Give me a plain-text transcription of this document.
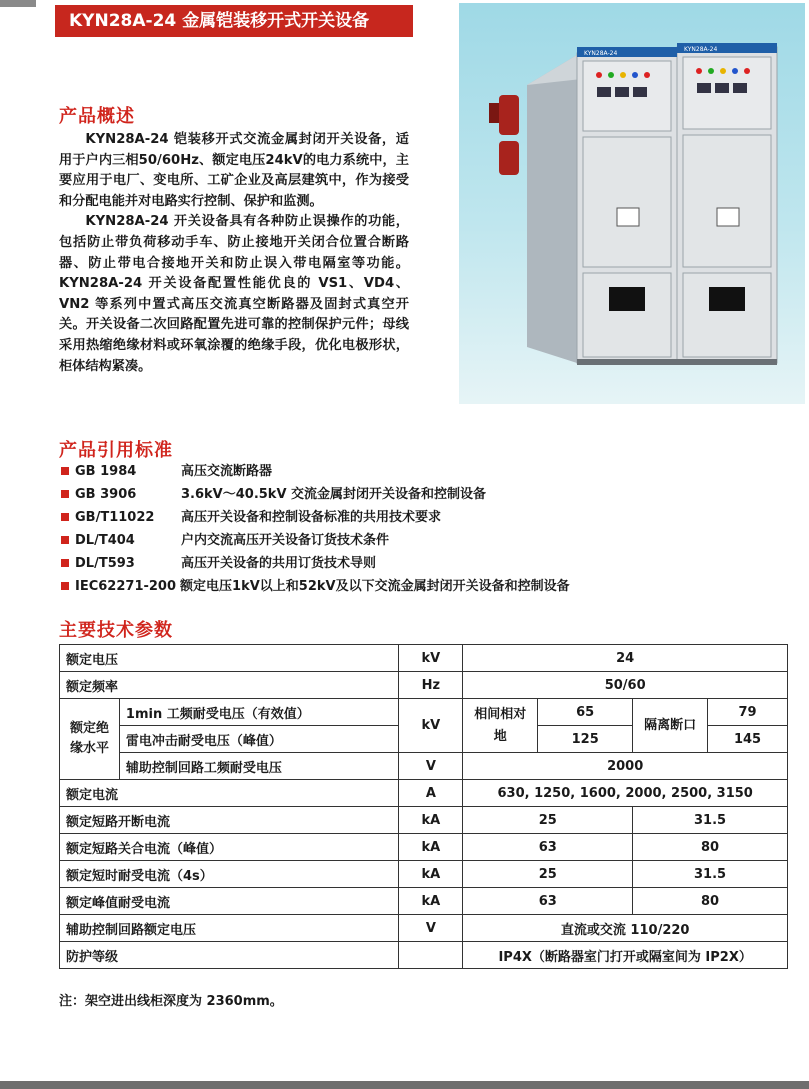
KYN28A-24 金属铠装移开式开关设备
KYN28A-24
KYN28A-24
产品概述

KYN28A-24 铠装移开式交流金属封闭开关设备，适用于户内三相50/60Hz、额定电压24kV的电力系统中，主要应用于电厂、变电所、工矿企业及高层建筑中，作为接受和分配电能并对电路实行控制、保护和监测。

KYN28A-24 开关设备具有各种防止误操作的功能，包括防止带负荷移动手车、防止接地开关闭合位置合断路器、防止带电合接地开关和防止误入带电隔室等功能。KYN28A-24 开关设备配置性能优良的 VS1、VD4、VN2 等系列中置式高压交流真空断路器及固封式真空开关。开关设备二次回路配置先进可靠的控制保护元件；母线采用热缩绝缘材料或环氧涂覆的绝缘手段，优化电极形状，柜体结构紧凑。

产品引用标准
GB 1984	高压交流断路器
GB 3906	3.6kV～40.5kV 交流金属封闭开关设备和控制设备
GB/T11022	高压开关设备和控制设备标准的共用技术要求
DL/T404	户内交流高压开关设备订货技术条件
DL/T593	高压开关设备的共用订货技术导则
IEC62271-200 额定电压1kV以上和52kV及以下交流金属封闭开关设备和控制设备
主要技术参数
额定电压		kV	24			
额定频率		Hz	50/60			
额定绝缘水平	1min 工频耐受电压（有效值）	kV	相间相对地	65	隔离断口	79
	雷电冲击耐受电压（峰值）			125		145
	辅助控制回路工频耐受电压	V	2000			
额定电流		A	630, 1250, 1600, 2000, 2500, 3150			
额定短路开断电流		kA	25		31.5	
额定短路关合电流（峰值）		kA	63		80	
额定短时耐受电流（4s）		kA	25		31.5	
额定峰值耐受电流		kA	63		80	
辅助控制回路额定电压		V	直流或交流 110/220			
防护等级			IP4X（断路器室门打开或隔室间为 IP2X）			
注：架空进出线柜深度为 2360mm。
